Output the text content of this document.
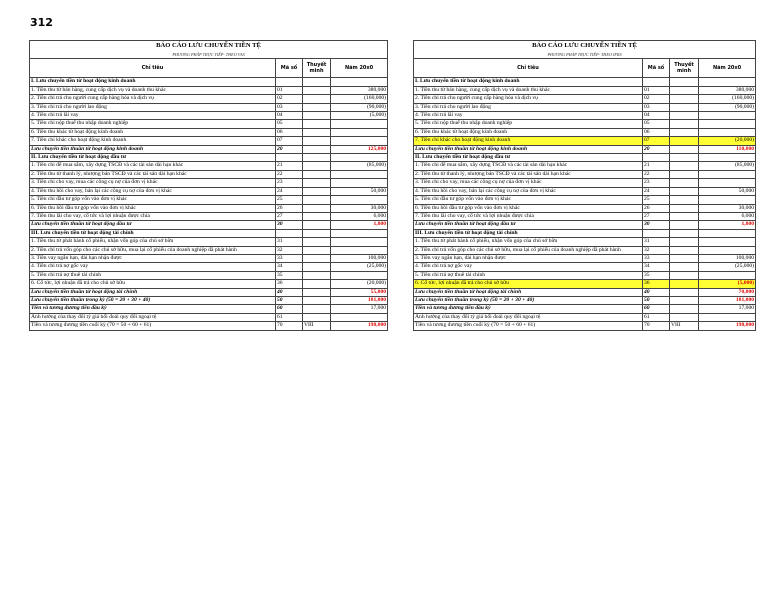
312
BÁO CÁO LƯU CHUYỂN TIỀN TỆ			
PHƯƠNG PHÁP TRỰC TIẾP- THEO VAS			
Chỉ tiêu	Mã số	Thuyết minh	Năm 20x0
I. Lưu chuyển tiền từ hoạt động kinh doanh			
1. Tiền thu từ bán hàng, cung cấp dịch vụ và doanh thu khác	01		380,000
2. Tiền chi trả cho người cung cấp hàng hóa và dịch vụ	02		(160,000)
3. Tiền chi trả cho người lao động	03		(90,000)
4. Tiền chi trả lãi vay	04		(5,000)
5. Tiền chi nộp thuế thu nhập doanh nghiệp	05		
6. Tiền thu khác từ hoạt động kinh doanh	06		
7. Tiền chi khác cho hoạt động kinh doanh	07		
Lưu chuyển tiền thuần từ hoạt động kinh doanh	20		125,000
II. Lưu chuyển tiền từ hoạt động đầu tư			
1. Tiền chi để mua sắm, xây dựng TSCĐ và các tài sản dài hạn khác	21		(85,000)
2. Tiền thu từ thanh lý, nhượng bán TSCĐ và các tài sản dài hạn khác	22		
3. Tiền chi cho vay, mua các công cụ nợ của đơn vị khác	23		
4. Tiền thu hồi cho vay, bán lại các công cụ nợ của đơn vị khác	24		50,000
5. Tiền chi đầu tư góp vốn vào đơn vị khác	25		
6. Tiền thu hồi đầu tư góp vốn vào đơn vị khác	26		30,000
7. Tiền thu lãi cho vay, cổ tức và lợi nhuận được chia	27		6,000
Lưu chuyển tiền thuần từ hoạt động đầu tư	30		1,000
III. Lưu chuyển tiền từ hoạt động tài chính			
1. Tiền thu từ phát hành cổ phiếu, nhận vốn góp của chủ sở hữu	31		
2. Tiền chi trả vốn góp cho các chủ sở hữu, mua lại cổ phiếu của doanh nghiệp đã phát hành	32		
3. Tiền vay ngắn hạn, dài hạn nhận được	33		100,000
4. Tiền chi trả nợ gốc vay	34		(25,000)
5. Tiền chi trả nợ thuê tài chính	35		
6. Cổ tức, lợi nhuận đã trả cho chủ sở hữu	36		(20,000)
Lưu chuyển tiền thuần từ hoạt động tài chính	40		55,000
Lưu chuyển tiền thuần trong kỳ (50 = 20 + 30 + 40)	50		181,000
Tiền và tương đương tiền đầu kỳ	60		17,000
Ảnh hưởng của thay đổi tỷ giá hối đoái quy đổi ngoại tệ	61		
Tiền và tương đương tiền cuối kỳ (70 = 50 + 60 + 61)	70	VIII	198,000
BÁO CÁO LƯU CHUYỂN TIỀN TỆ			
PHƯƠNG PHÁP TRỰC TIẾP- THEO IFRS			
Chỉ tiêu	Mã số	Thuyết minh	Năm 20x0
I. Lưu chuyển tiền từ hoạt động kinh doanh			
1. Tiền thu từ bán hàng, cung cấp dịch vụ và doanh thu khác	01		380,000
2. Tiền chi trả cho người cung cấp hàng hóa và dịch vụ	02		(160,000)
3. Tiền chi trả cho người lao động	03		(90,000)
4. Tiền chi trả lãi vay	04		
5. Tiền chi nộp thuế thu nhập doanh nghiệp	05		
6. Tiền thu khác từ hoạt động kinh doanh	06		
7. Tiền chi khác cho hoạt động kinh doanh	07		(20,000)
Lưu chuyển tiền thuần từ hoạt động kinh doanh	20		110,000
II. Lưu chuyển tiền từ hoạt động đầu tư			
1. Tiền chi để mua sắm, xây dựng TSCĐ và các tài sản dài hạn khác	21		(85,000)
2. Tiền thu từ thanh lý, nhượng bán TSCĐ và các tài sản dài hạn khác	22		
3. Tiền chi cho vay, mua các công cụ nợ của đơn vị khác	23		
4. Tiền thu hồi cho vay, bán lại các công cụ nợ của đơn vị khác	24		50,000
5. Tiền chi đầu tư góp vốn vào đơn vị khác	25		
6. Tiền thu hồi đầu tư góp vốn vào đơn vị khác	26		30,000
7. Tiền thu lãi cho vay, cổ tức và lợi nhuận được chia	27		6,000
Lưu chuyển tiền thuần từ hoạt động đầu tư	30		1,000
III. Lưu chuyển tiền từ hoạt động tài chính			
1. Tiền thu từ phát hành cổ phiếu, nhận vốn góp của chủ sở hữu	31		
2. Tiền chi trả vốn góp cho các chủ sở hữu, mua lại cổ phiếu của doanh nghiệp đã phát hành	32		
3. Tiền vay ngắn hạn, dài hạn nhận được	33		100,000
4. Tiền chi trả nợ gốc vay	34		(25,000)
5. Tiền chi trả nợ thuê tài chính	35		
6. Cổ tức, lợi nhuận đã trả cho chủ sở hữu	36		(5,000)
Lưu chuyển tiền thuần từ hoạt động tài chính	40		70,000
Lưu chuyển tiền thuần trong kỳ (50 = 20 + 30 + 40)	50		181,000
Tiền và tương đương tiền đầu kỳ	60		17,000
Ảnh hưởng của thay đổi tỷ giá hối đoái quy đổi ngoại tệ	61		
Tiền và tương đương tiền cuối kỳ (70 = 50 + 60 + 61)	70	VIII	198,000
